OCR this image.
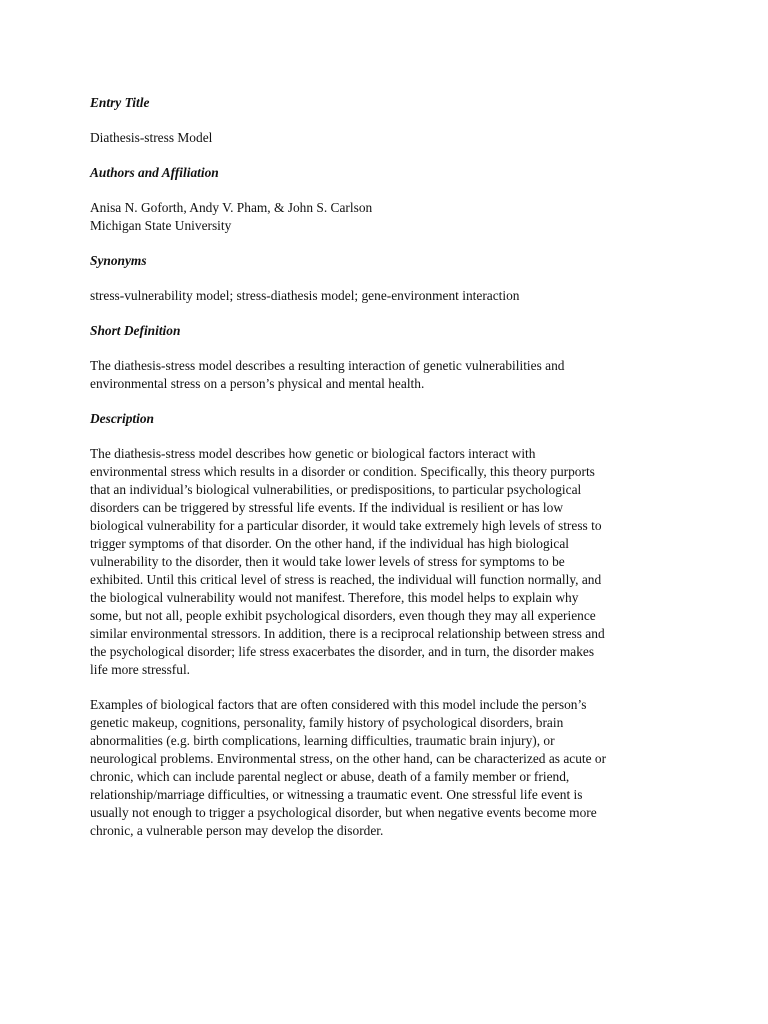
Entry Title
Diathesis-stress Model
Authors and Affiliation
Anisa N. Goforth, Andy V. Pham, & John S. Carlson
Michigan State University
Synonyms
stress-vulnerability model; stress-diathesis model; gene-environment interaction
Short Definition
The diathesis-stress model describes a resulting interaction of genetic vulnerabilities and
environmental stress on a person’s physical and mental health.
Description
The diathesis-stress model describes how genetic or biological factors interact with
environmental stress which results in a disorder or condition. Specifically, this theory purports
that an individual’s biological vulnerabilities, or predispositions, to particular psychological
disorders can be triggered by stressful life events. If the individual is resilient or has low
biological vulnerability for a particular disorder, it would take extremely high levels of stress to
trigger symptoms of that disorder. On the other hand, if the individual has high biological
vulnerability to the disorder, then it would take lower levels of stress for symptoms to be
exhibited. Until this critical level of stress is reached, the individual will function normally, and
the biological vulnerability would not manifest. Therefore, this model helps to explain why
some, but not all, people exhibit psychological disorders, even though they may all experience
similar environmental stressors. In addition, there is a reciprocal relationship between stress and
the psychological disorder; life stress exacerbates the disorder, and in turn, the disorder makes
life more stressful.
Examples of biological factors that are often considered with this model include the person’s
genetic makeup, cognitions, personality, family history of psychological disorders, brain
abnormalities (e.g. birth complications, learning difficulties, traumatic brain injury), or
neurological problems. Environmental stress, on the other hand, can be characterized as acute or
chronic, which can include parental neglect or abuse, death of a family member or friend,
relationship/marriage difficulties, or witnessing a traumatic event. One stressful life event is
usually not enough to trigger a psychological disorder, but when negative events become more
chronic, a vulnerable person may develop the disorder.
